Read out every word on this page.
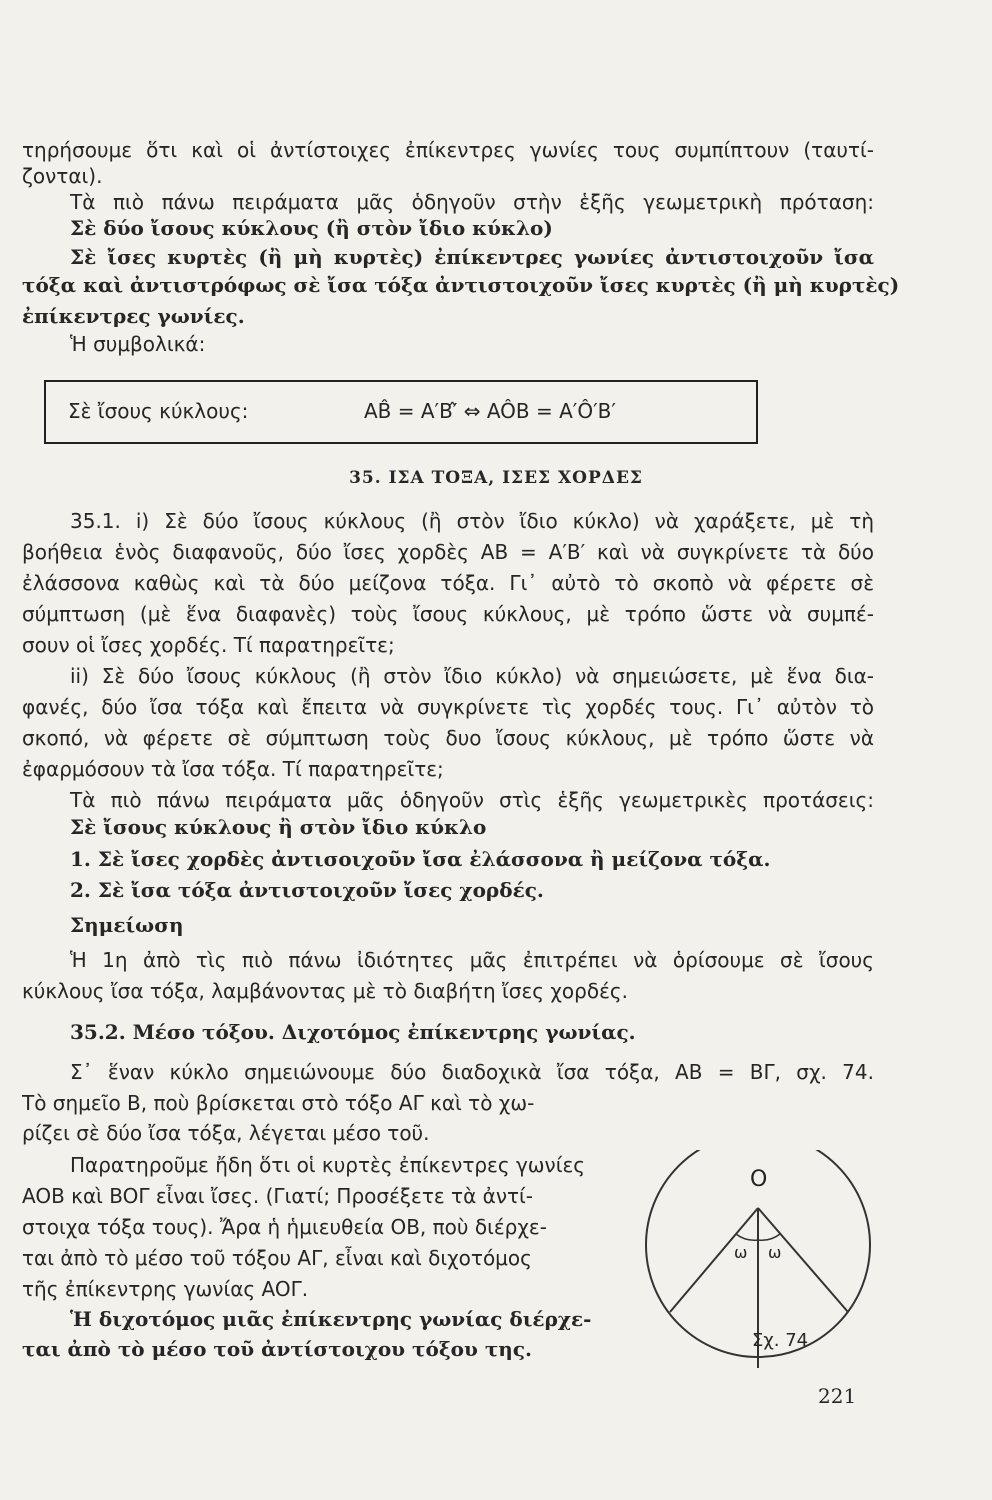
τηρήσουμε ὅτι καὶ οἱ ἀντίστοιχες ἐπίκεντρες γωνίες τους συμπίπτουν (ταυτί-
ζονται).
Τὰ πιὸ πάνω πειράματα μᾶς ὁδηγοῦν στὴν ἑξῆς γεωμετρικὴ πρόταση:
Σὲ δύο ἴσους κύκλους (ἢ στὸν ἴδιο κύκλο)
Σὲ ἴσες κυρτὲς (ἢ μὴ κυρτὲς) ἐπίκεντρες γωνίες ἀντιστοιχοῦν ἴσα
τόξα καὶ ἀντιστρόφως σὲ ἴσα τόξα ἀντιστοιχοῦν ἴσες κυρτὲς (ἢ μὴ κυρτὲς)
ἐπίκεντρες γωνίες.
Ἡ συμβολικά:
Σὲ ἴσους κύκλους:	AB̂ = A′B′̂ ⇔ AÔB = A′Ô′B′
35. ΙΣΑ ΤΟΞΑ, ΙΣΕΣ ΧΟΡΔΕΣ
35.1. i) Σὲ δύο ἴσους κύκλους (ἢ στὸν ἴδιο κύκλο) νὰ χαράξετε, μὲ τὴ
βοήθεια ἑνὸς διαφανοῦς, δύο ἴσες χορδὲς AB = A′B′ καὶ νὰ συγκρίνετε τὰ δύο
ἐλάσσονα καθὼς καὶ τὰ δύο μείζονα τόξα. Γι᾽ αὐτὸ τὸ σκοπὸ νὰ φέρετε σὲ
σύμπτωση (μὲ ἕνα διαφανὲς) τοὺς ἴσους κύκλους, μὲ τρόπο ὥστε νὰ συμπέ-
σουν οἱ ἴσες χορδές. Τί παρατηρεῖτε;
ii) Σὲ δύο ἴσους κύκλους (ἢ στὸν ἴδιο κύκλο) νὰ σημειώσετε, μὲ ἕνα δια-
φανές, δύο ἴσα τόξα καὶ ἔπειτα νὰ συγκρίνετε τὶς χορδές τους. Γι᾽ αὐτὸν τὸ
σκοπό, νὰ φέρετε σὲ σύμπτωση τοὺς δυο ἴσους κύκλους, μὲ τρόπο ὥστε νὰ
ἐφαρμόσουν τὰ ἴσα τόξα. Τί παρατηρεῖτε;
Τὰ πιὸ πάνω πειράματα μᾶς ὁδηγοῦν στὶς ἑξῆς γεωμετρικὲς προτάσεις:
Σὲ ἴσους κύκλους ἢ στὸν ἴδιο κύκλο
1. Σὲ ἴσες χορδὲς ἀντισοιχοῦν ἴσα ἐλάσσονα ἢ μείζονα τόξα.
2. Σὲ ἴσα τόξα ἀντιστοιχοῦν ἴσες χορδές.
Σημείωση
Ἡ 1η ἀπὸ τὶς πιὸ πάνω ἰδιότητες μᾶς ἐπιτρέπει νὰ ὁρίσουμε σὲ ἴσους
κύκλους ἴσα τόξα, λαμβάνοντας μὲ τὸ διαβήτη ἴσες χορδές.
35.2. Μέσο τόξου. Διχοτόμος ἐπίκεντρης γωνίας.
Σ᾽ ἕναν κύκλο σημειώνουμε δύο διαδοχικὰ ἴσα τόξα, AB = BΓ, σχ. 74.
Τὸ σημεῖο B, ποὺ βρίσκεται στὸ τόξο AΓ καὶ τὸ χω-
ρίζει σὲ δύο ἴσα τόξα, λέγεται μέσο τοῦ.
Παρατηροῦμε ἤδη ὅτι οἱ κυρτὲς ἐπίκεντρες γωνίες
AOB καὶ BOΓ εἶναι ἴσες. (Γιατί; Προσέξετε τὰ ἀντί-
στοιχα τόξα τους). Ἄρα ἡ ἡμιευθεία OB, ποὺ διέρχε-
ται ἀπὸ τὸ μέσο τοῦ τόξου AΓ, εἶναι καὶ διχοτόμος
τῆς ἐπίκεντρης γωνίας AOΓ.
Ἡ διχοτόμος μιᾶς ἐπίκεντρης γωνίας διέρχε-
ται ἀπὸ τὸ μέσο τοῦ ἀντίστοιχου τόξου της.
O
ω ω
Σχ. 74
221
